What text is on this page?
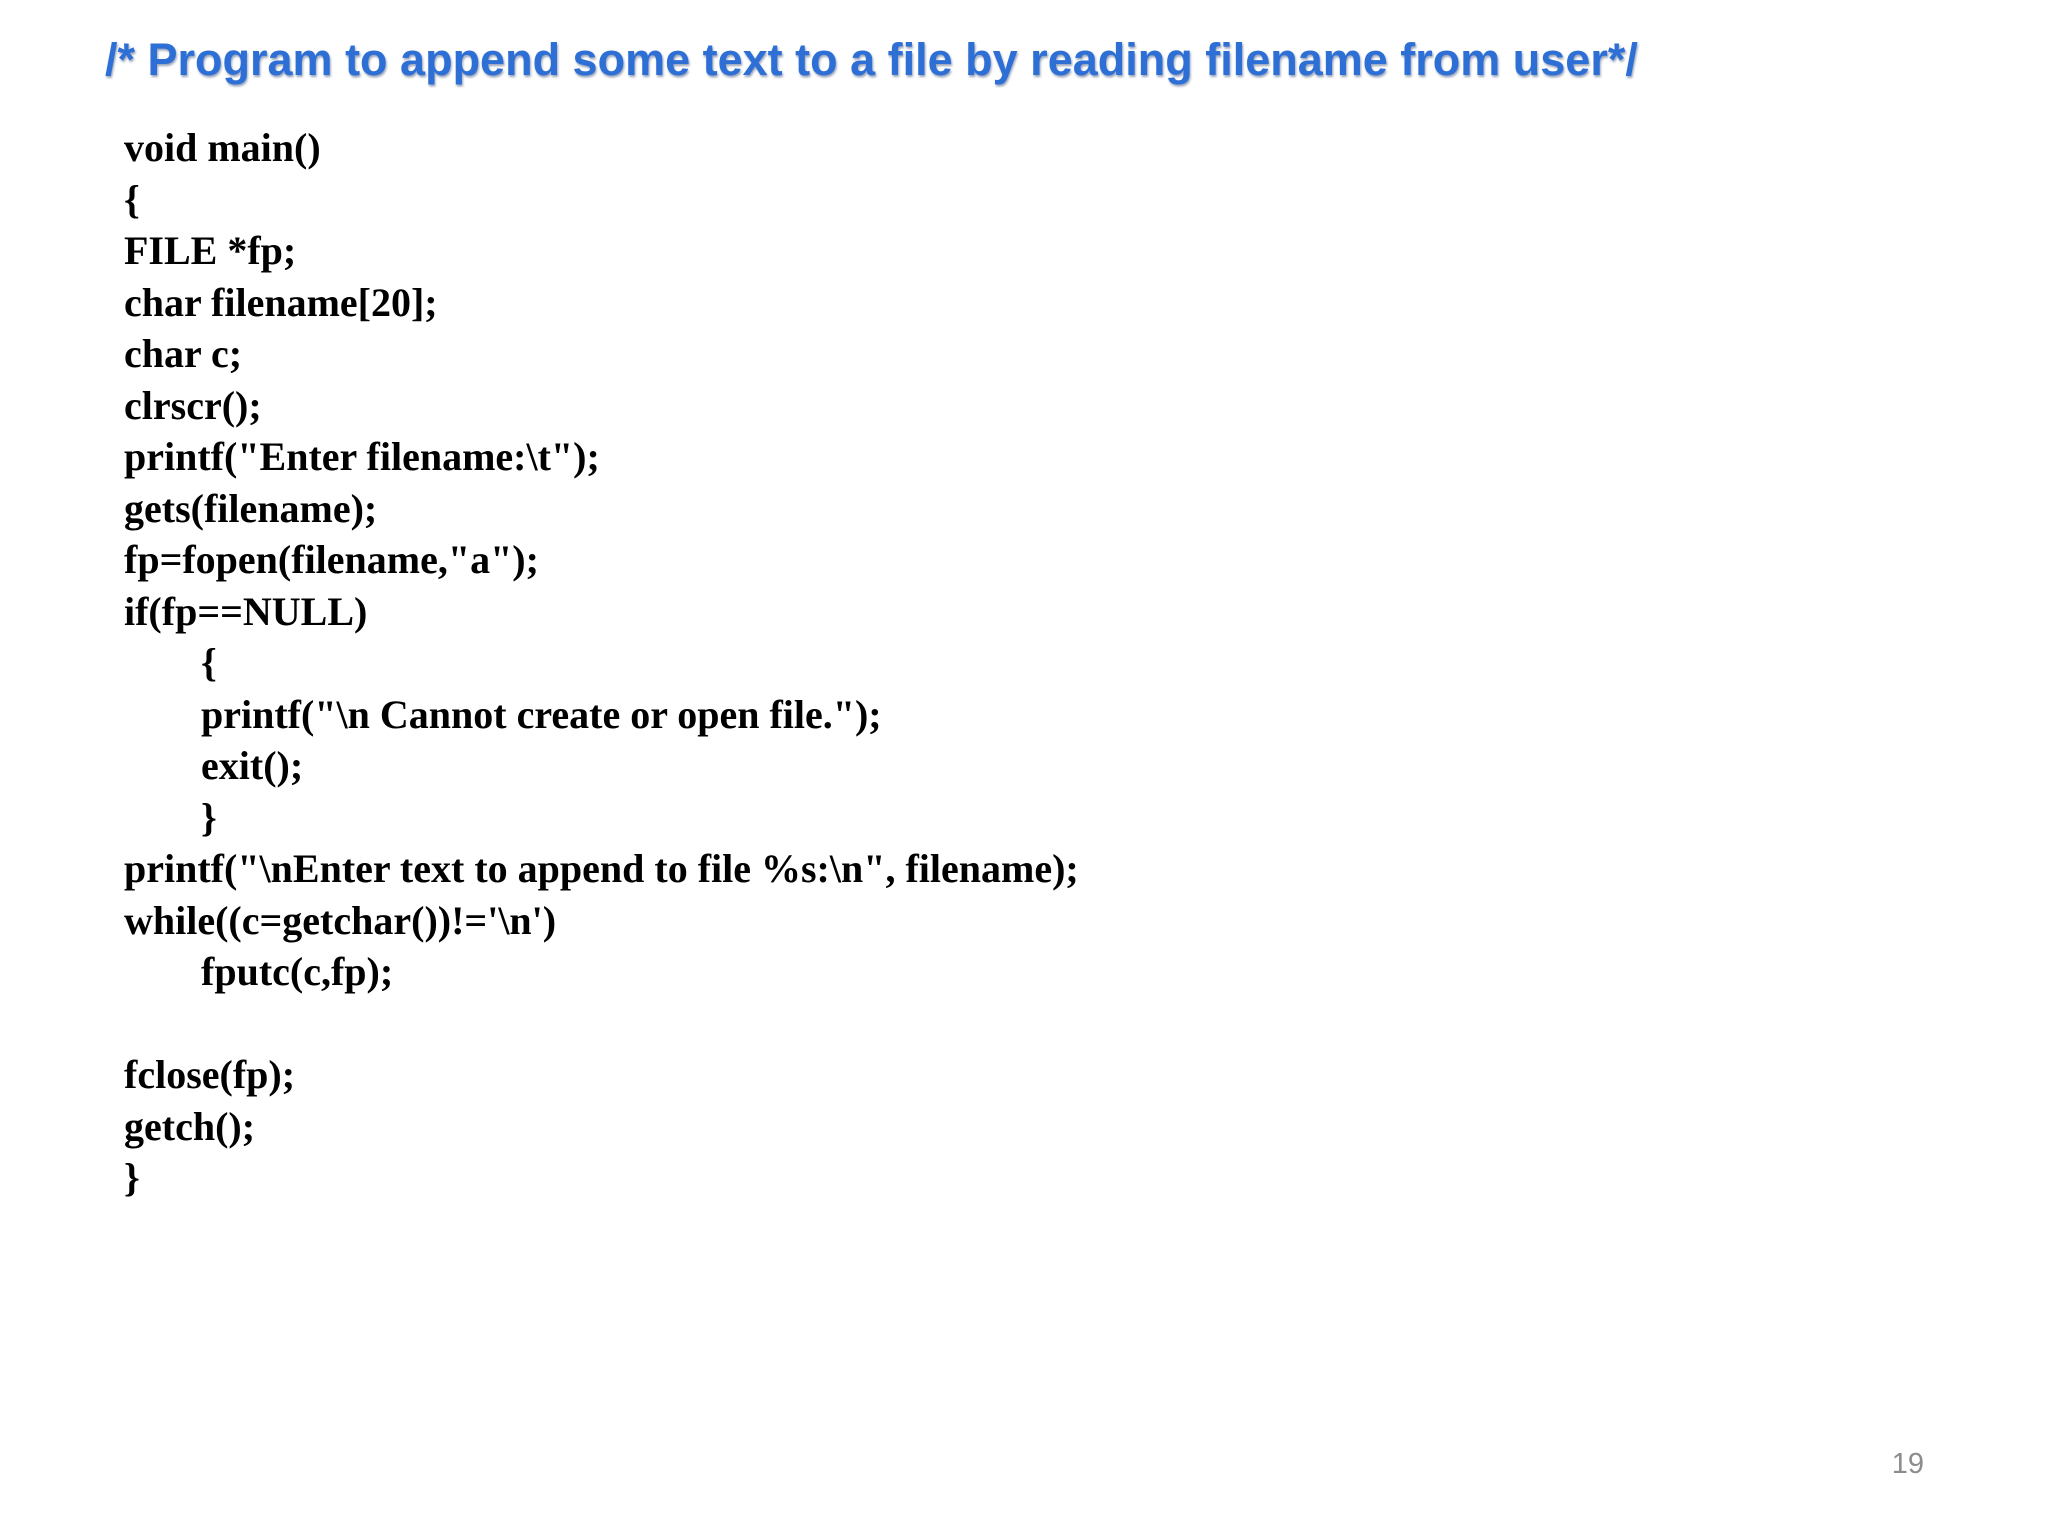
/* Program to append some text to a file by reading filename from user*/
void main()
{
FILE *fp;
char filename[20];
char c;
clrscr();
printf("Enter filename:\t");
gets(filename);
fp=fopen(filename,"a");
if(fp==NULL)
{
printf("\n Cannot create or open file.");
exit();
}
printf("\nEnter text to append to file %s:\n", filename);
while((c=getchar())!='\n')
fputc(c,fp);
fclose(fp);
getch();
}
19
